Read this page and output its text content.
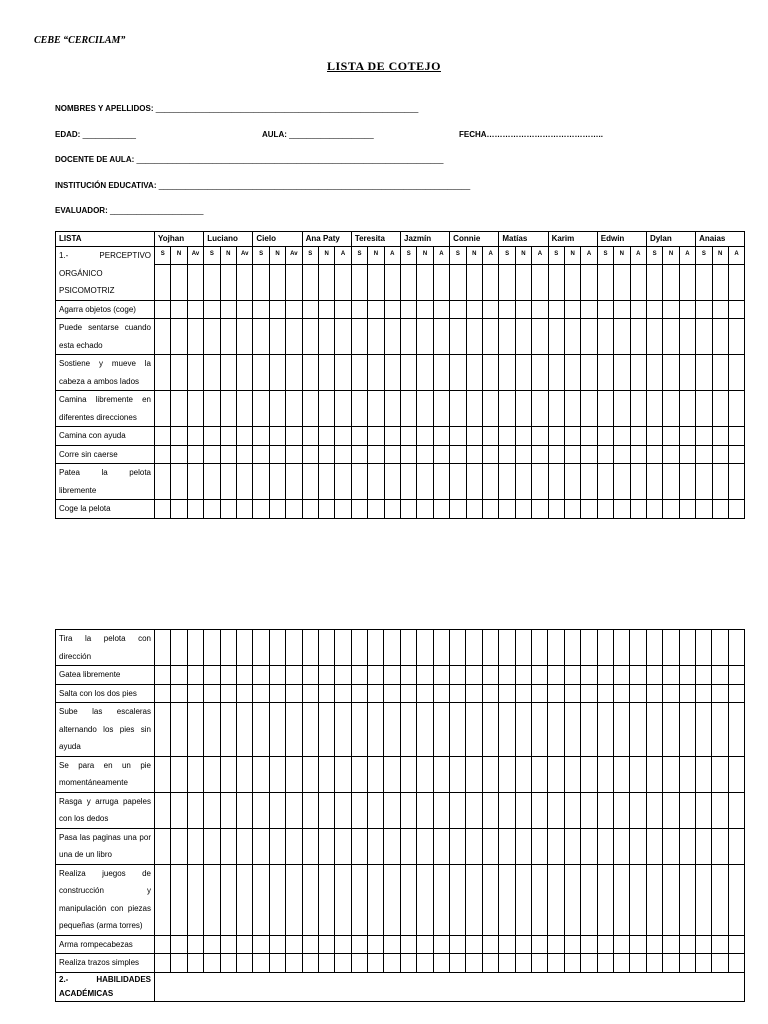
CEBE “CERCILAM”
LISTA DE COTEJO
NOMBRES Y APELLIDOS: ___________________________________________________________
EDAD: ____________	AULA: ___________________	FECHA……………………………………..
DOCENTE DE AULA: _____________________________________________________________________
INSTITUCIÓN EDUCATIVA: ______________________________________________________________________
EVALUADOR: _____________________
LISTA	Yojhan			Luciano			Cielo			Ana Paty			Teresita			Jazmín			Connie			Matías			Karim			Edwin			Dylan			Anaias		
1.- PERCEPTIVO ORGÁNICO PSICOMOTRIZ	S	N	Av	S	N	Av	S	N	Av	S	N	A	S	N	A	S	N	A	S	N	A	S	N	A	S	N	A	S	N	A	S	N	A	S	N	A

Agarra objetos (coge)																																				
Puede sentarse cuando esta echado																																				
Sostiene y mueve la cabeza a ambos lados																																				
Camina libremente en diferentes direcciones																																				
Camina con ayuda																																				
Corre sin caerse																																				
Patea la pelota libremente																																				
Coge la pelota																																				
Tira la pelota con dirección																																				
Gatea libremente																																				
Salta con los dos pies																																				
Sube las escaleras alternando los pies sin ayuda																																				
Se para en un pie momentáneamente																																				
Rasga y arruga papeles con los dedos																																				
Pasa las paginas una por una de un libro																																				
Realiza juegos de construcción y manipulación con piezas pequeñas (arma torres)																																				
Arma rompecabezas																																				
Realiza trazos simples																																				
2.- HABILIDADES ACADÉMICAS																																				
